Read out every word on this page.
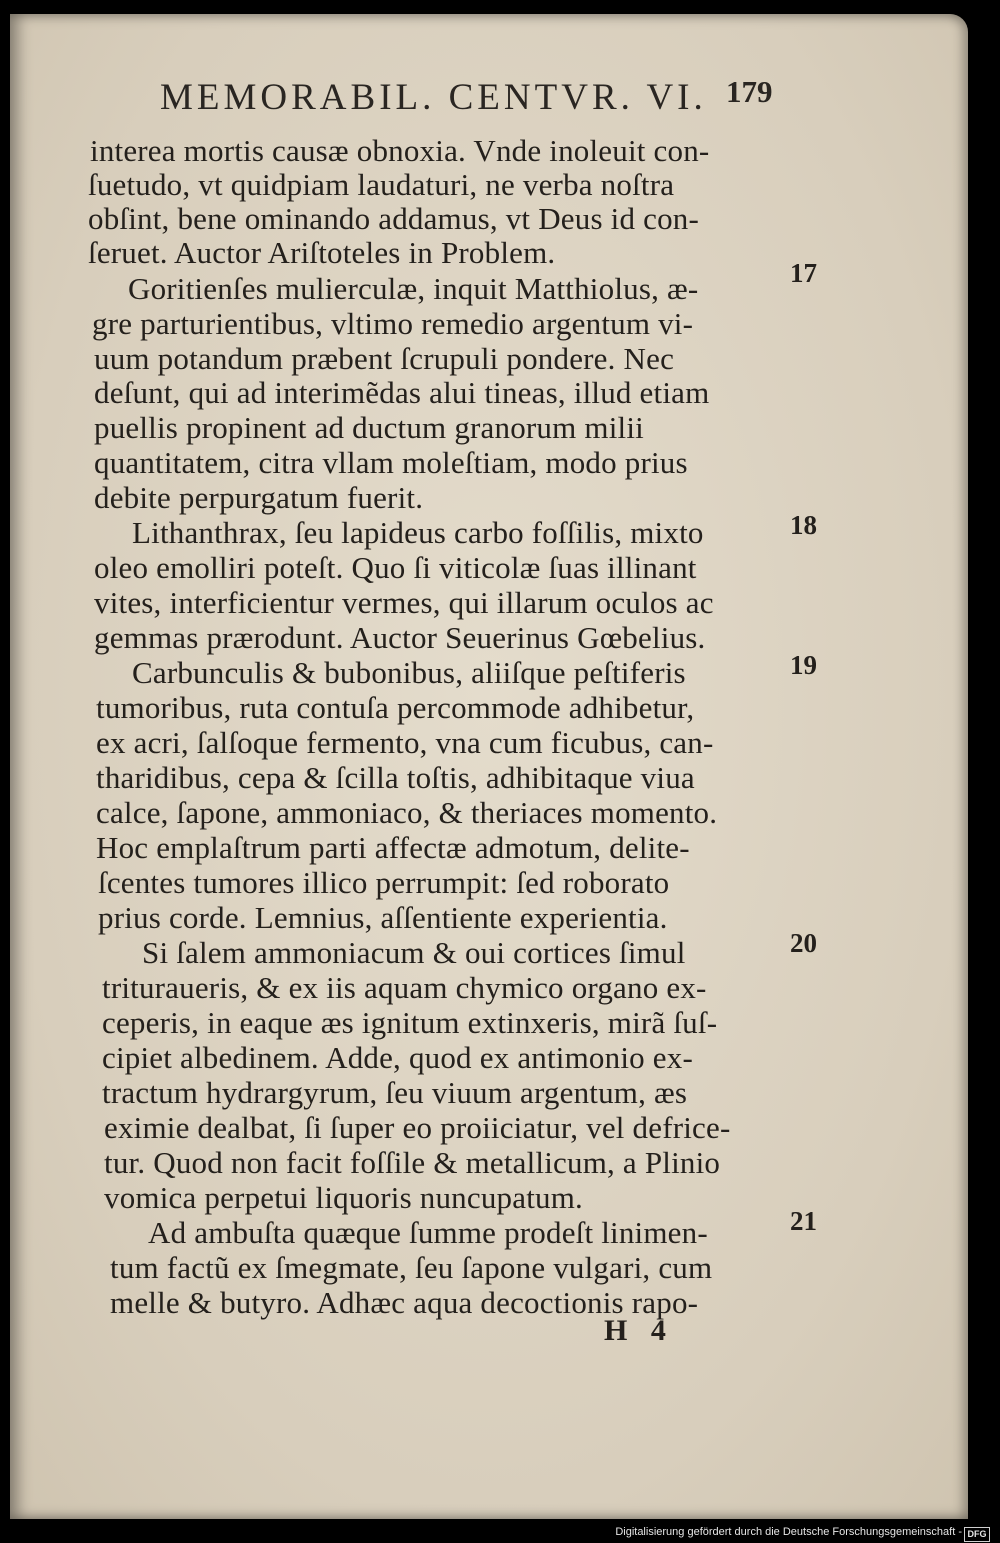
MEMORABIL. CENTVR. VI. 179
interea mortis causæ obnoxia. Vnde inoleuit con-
ſuetudo, vt quidpiam laudaturi, ne verba noſtra
obſint, bene ominando addamus, vt Deus id con-
ſeruet. Auctor Ariſtoteles in Problem.
Goritienſes mulierculæ, inquit Matthiolus, æ-
gre parturientibus, vltimo remedio argentum vi-
uum potandum præbent ſcrupuli pondere. Nec
deſunt, qui ad interimẽdas alui tineas, illud etiam
puellis propinent ad ductum granorum milii
quantitatem, citra vllam moleſtiam, modo prius
debite perpurgatum fuerit.
Lithanthrax, ſeu lapideus carbo foſſilis, mixto
oleo emolliri poteſt. Quo ſi viticolæ ſuas illinant
vites, interficientur vermes, qui illarum oculos ac
gemmas prærodunt. Auctor Seuerinus Gœbelius.
Carbunculis & bubonibus, aliiſque peſtiferis
tumoribus, ruta contuſa percommode adhibetur,
ex acri, ſalſoque fermento, vna cum ficubus, can-
tharidibus, cepa & ſcilla toſtis, adhibitaque viua
calce, ſapone, ammoniaco, & theriaces momento.
Hoc emplaſtrum parti affectæ admotum, delite-
ſcentes tumores illico perrumpit: ſed roborato
prius corde. Lemnius, aſſentiente experientia.
Si ſalem ammoniacum & oui cortices ſimul
trituraueris, & ex iis aquam chymico organo ex-
ceperis, in eaque æs ignitum extinxeris, mirã ſuſ-
cipiet albedinem. Adde, quod ex antimonio ex-
tractum hydrargyrum, ſeu viuum argentum, æs
eximie dealbat, ſi ſuper eo proiiciatur, vel defrice-
tur. Quod non facit foſſile & metallicum, a Plinio
vomica perpetui liquoris nuncupatum.
Ad ambuſta quæque ſumme prodeſt linimen-
tum factũ ex ſmegmate, ſeu ſapone vulgari, cum
melle & butyro. Adhæc aqua decoctionis rapo-
17
18
19
20
21
H 4
Digitalisierung gefördert durch die Deutsche Forschungsgemeinschaft - DFG
